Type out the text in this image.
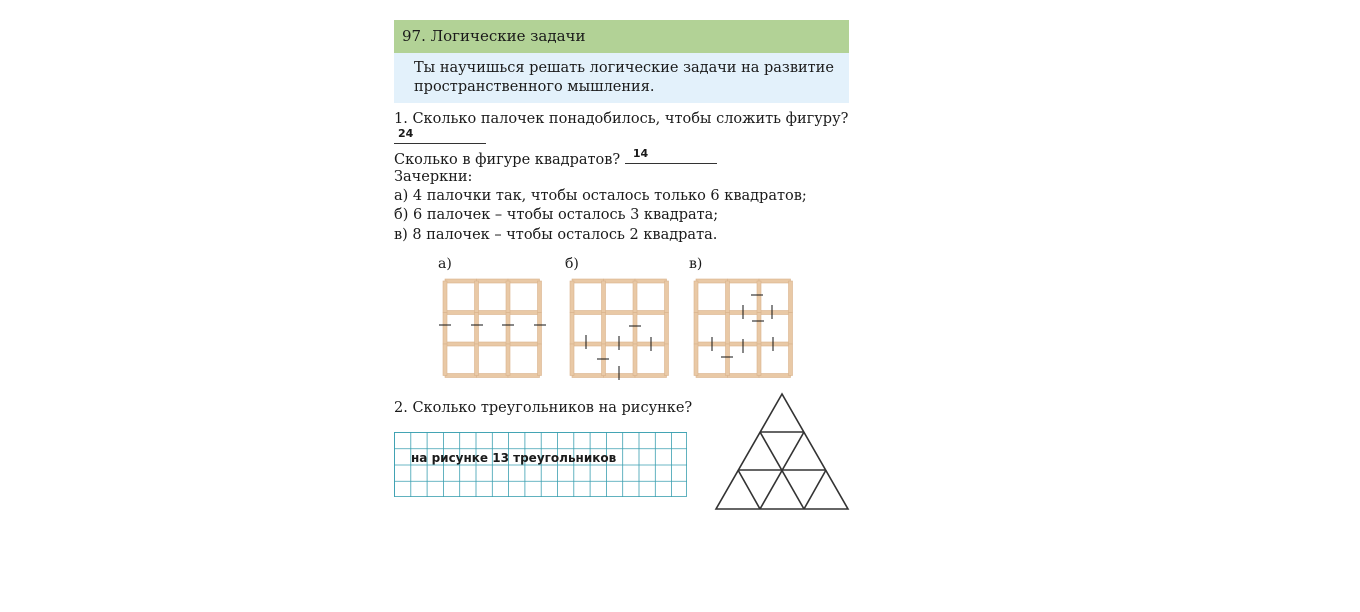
97. Логические задачи
Ты научишься решать логические задачи на развитие
пространственного мышления.
1. Сколько палочек понадобилось, чтобы сложить фигуру?
24
Сколько в фигуре квадратов? 14
Зачеркни:
а) 4 палочки так, чтобы осталось только 6 квадратов;
б) 6 палочек – чтобы осталось 3 квадрата;
в) 8 палочек – чтобы осталось 2 квадрата.
а)	б)	в)
2. Сколько треугольников на рисунке?
на рисунке 13 треугольников
